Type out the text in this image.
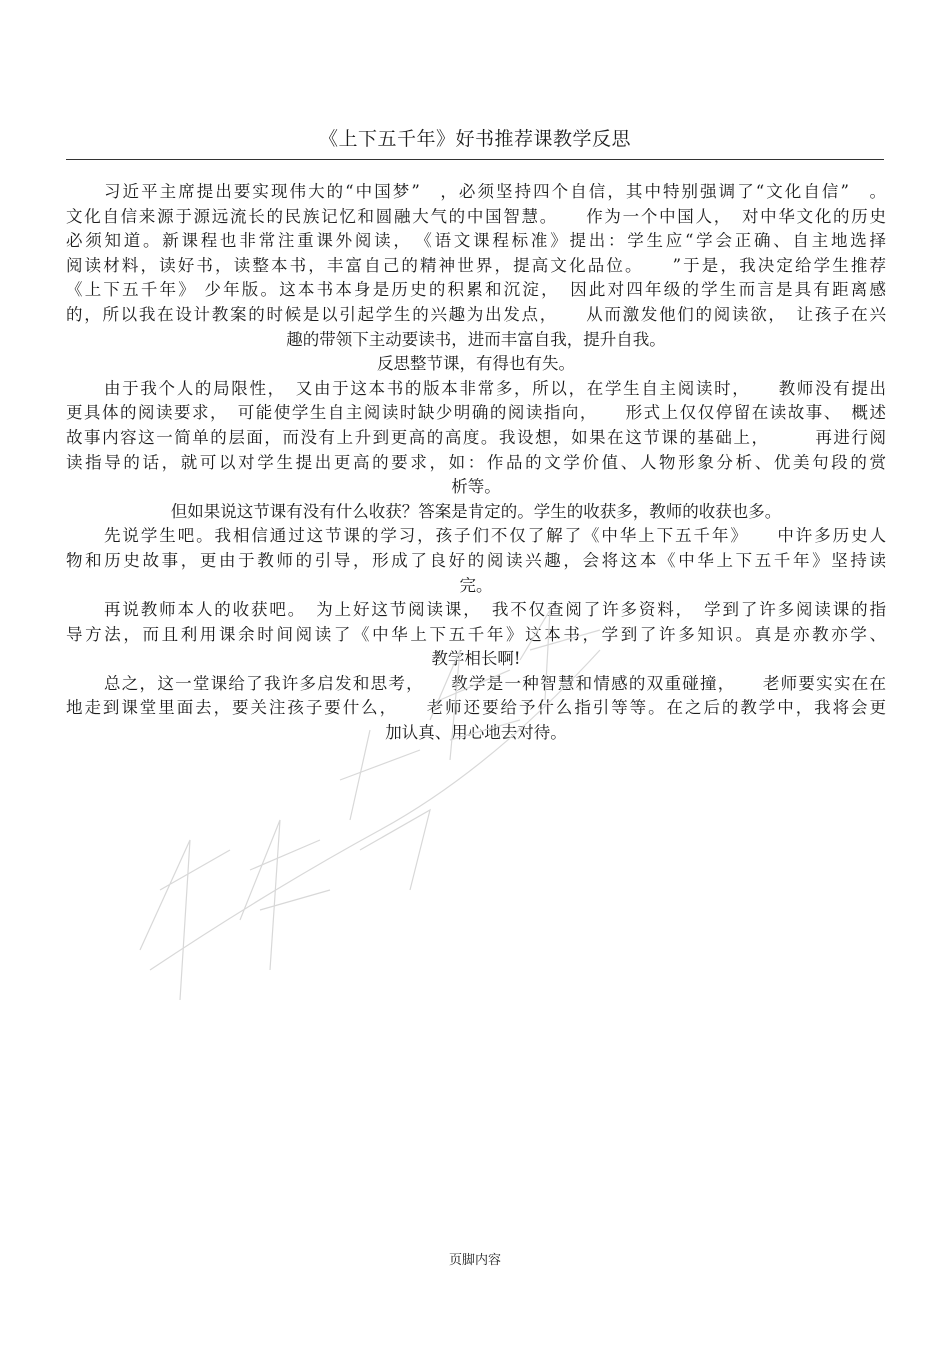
《上下五千年》好书推荐课教学反思
习近平主席提出要实现伟大的“中国梦”　，必须坚持四个自信，其中特别强调了“文化自信”　。
文化自信来源于源远流长的民族记忆和圆融大气的中国智慧。　　作为一个中国人，　对中华文化的历史
必须知道。新课程也非常注重课外阅读，　《语文课程标准》提出：学生应“学会正确、自主地选择
阅读材料，读好书，读整本书，丰富自己的精神世界，提高文化品位。　　”于是，我决定给学生推荐
《上下五千年》 少年版。这本书本身是历史的积累和沉淀，　因此对四年级的学生而言是具有距离感
的，所以我在设计教案的时候是以引起学生的兴趣为出发点，　　从而激发他们的阅读欲，　让孩子在兴
趣的带领下主动要读书，进而丰富自我，提升自我。
反思整节课，有得也有失。
由于我个人的局限性，　又由于这本书的版本非常多，所以，在学生自主阅读时，　　教师没有提出
更具体的阅读要求，　可能使学生自主阅读时缺少明确的阅读指向，　　形式上仅仅停留在读故事、　概述
故事内容这一简单的层面，而没有上升到更高的高度。我设想，如果在这节课的基础上，　　　再进行阅
读指导的话，就可以对学生提出更高的要求，如：作品的文学价值、人物形象分析、优美句段的赏
析等。
但如果说这节课有没有什么收获？答案是肯定的。学生的收获多，教师的收获也多。
先说学生吧。我相信通过这节课的学习，孩子们不仅了解了《中华上下五千年》　　中许多历史人
物和历史故事，更由于教师的引导，形成了良好的阅读兴趣，会将这本《中华上下五千年》坚持读
完。
再说教师本人的收获吧。　为上好这节阅读课，　我不仅查阅了许多资料，　学到了许多阅读课的指
导方法，而且利用课余时间阅读了《中华上下五千年》这本书，学到了许多知识。真是亦教亦学、
教学相长啊!
总之，这一堂课给了我许多启发和思考，　　教学是一种智慧和情感的双重碰撞，　　老师要实实在在
地走到课堂里面去，要关注孩子要什么，　　老师还要给予什么指引等等。在之后的教学中，我将会更
加认真、用心地去对待。
页脚内容
